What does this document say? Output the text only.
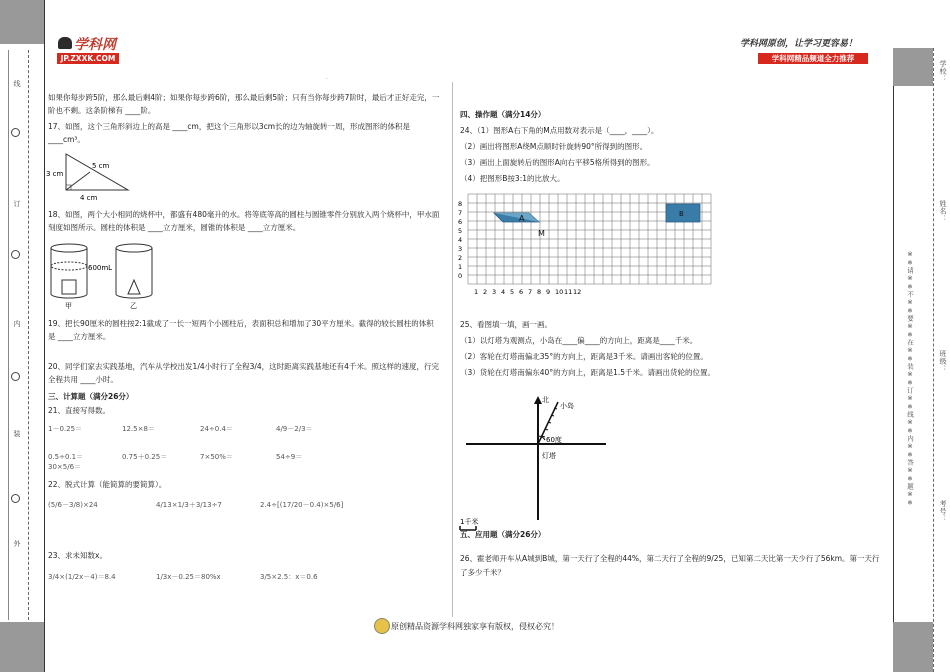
线
订
内
装
外
※※请※※不※※要※※在※※装※※订※※线※※内※※答※※题※※
学校：
姓名：
班级：
考号：
学科网
JP.ZXXK.COM
学科网原创，让学习更容易！
学科网精品频道全力推荐
·
如果你每步跨5阶，那么最后剩4阶；如果你每步跨6阶，那么最后剩5阶；只有当你每步跨7阶时，最后才正好走完，一阶也不剩。这条阶梯有 ____阶。
17、如图，这个三角形斜边上的高是 ____cm，把这个三角形以3cm长的边为轴旋转一周，形成图形的体积是 ____cm³。
3 cm
5 cm
4 cm
18、如图，两个大小相同的烧杯中，都盛有480毫升的水。将等底等高的圆柱与圆锥零件分别放入两个烧杯中，甲水面刻度如图所示。圆柱的体积是 ____立方厘米，圆锥的体积是 ____立方厘米。
600mL
甲	乙
19、把长90厘米的圆柱按2:1截成了一长一短两个小圆柱后，表面积总和增加了30平方厘米。截得的较长圆柱的体积是 ____立方厘米。
20、同学们家去实践基地，汽车从学校出发1/4小时行了全程3/4，这时距离实践基地还有4千米。照这样的速度，行完全程共用 ____小时。
三、计算题（满分26分）
21、直接写得数。
1－0.25＝	12.5×8＝	24÷0.4＝	4/9－2/3＝
0.5÷0.1＝	0.75＋0.25＝	7×50%＝	54÷9＝
30×5/6＝
22、脱式计算（能简算的要简算）。
(5/6－3/8)×24	4/13×1/3＋3/13÷7	2.4÷[(17/20－0.4)×5/6]
23、求未知数x。
3/4×(1/2x－4)＝8.4	1/3x－0.25＝80%x	3/5×2.5：x＝0.6
四、操作题（满分14分）
24、（1）图形A右下角的M点用数对表示是（____，____）。
（2）画出将图形A绕M点顺时针旋转90°所得到的图形。
（3）画出上面旋转后的图形A向右平移5格所得到的图形。
（4）把图形B按3:1的比放大。
A
M
B
8
7
6
5
4
3
2
1
0
1 2 3 4 5 6 7 8 9 10 11 12
25、看图填一填，画一画。
（1）以灯塔为观测点，小岛在____偏____的方向上，距离是____千米。
（2）客轮在灯塔南偏北35°的方向上，距离是3千米。请画出客轮的位置。
（3）货轮在灯塔南偏东40°的方向上，距离是1.5千米。请画出货轮的位置。
北
小岛
60度
灯塔
1千米
五、应用题（满分26分）
26、霍老师开车从A城到B城，第一天行了全程的44%，第二天行了全程的9/25，已知第二天比第一天少行了56km。第一天行了多少千米？
原创精品资源学科网独家享有版权，侵权必究！
